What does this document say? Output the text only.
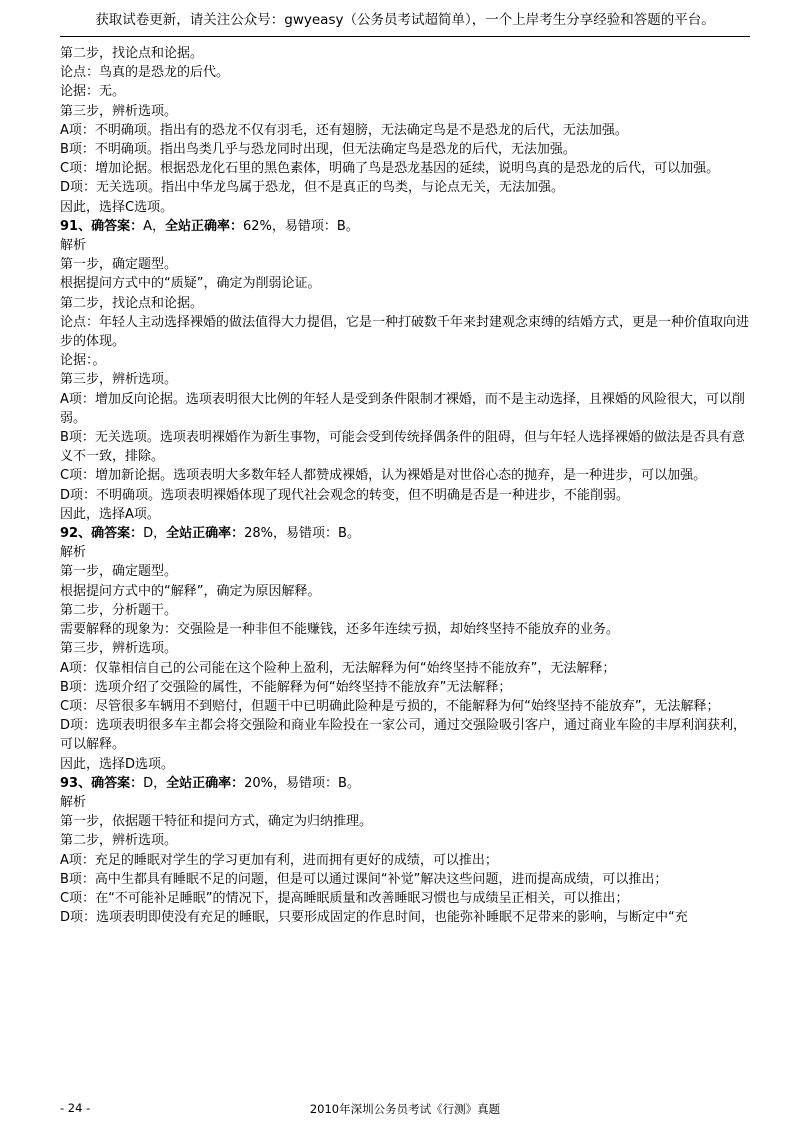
获取试卷更新，请关注公众号：gwyeasy（公务员考试超简单），一个上岸考生分享经验和答题的平台。
第二步，找论点和论据。
论点：鸟真的是恐龙的后代。
论据：无。
第三步，辨析选项。
A项：不明确项。指出有的恐龙不仅有羽毛，还有翅膀，无法确定鸟是不是恐龙的后代，无法加强。
B项：不明确项。指出鸟类几乎与恐龙同时出现，但无法确定鸟是恐龙的后代，无法加强。
C项：增加论据。根据恐龙化石里的黑色素体，明确了鸟是恐龙基因的延续，说明鸟真的是恐龙的后代，可以加强。
D项：无关选项。指出中华龙鸟属于恐龙，但不是真正的鸟类，与论点无关，无法加强。
因此，选择C选项。
91、确答案：A，全站正确率：62%，易错项：B。
解析
第一步，确定题型。
根据提问方式中的“质疑”，确定为削弱论证。
第二步，找论点和论据。
论点：年轻人主动选择裸婚的做法值得大力提倡，它是一种打破数千年来封建观念束缚的结婚方式，更是一种价值取向进步的体现。
论据：。
第三步，辨析选项。
A项：增加反向论据。选项表明很大比例的年轻人是受到条件限制才裸婚，而不是主动选择，且裸婚的风险很大，可以削弱。
B项：无关选项。选项表明裸婚作为新生事物，可能会受到传统择偶条件的阻碍，但与年轻人选择裸婚的做法是否具有意义不一致，排除。
C项：增加新论据。选项表明大多数年轻人都赞成裸婚，认为裸婚是对世俗心态的抛弃，是一种进步，可以加强。
D项：不明确项。选项表明裸婚体现了现代社会观念的转变，但不明确是否是一种进步，不能削弱。
因此，选择A项。
92、确答案：D，全站正确率：28%，易错项：B。
解析
第一步，确定题型。
根据提问方式中的“解释”，确定为原因解释。
第二步，分析题干。
需要解释的现象为：交强险是一种非但不能赚钱，还多年连续亏损，却始终坚持不能放弃的业务。
第三步，辨析选项。
A项：仅靠相信自己的公司能在这个险种上盈利，无法解释为何“始终坚持不能放弃”，无法解释；
B项：选项介绍了交强险的属性，不能解释为何“始终坚持不能放弃”无法解释；
C项：尽管很多车辆用不到赔付，但题干中已明确此险种是亏损的，不能解释为何“始终坚持不能放弃”，无法解释；
D项：选项表明很多车主都会将交强险和商业车险投在一家公司，通过交强险吸引客户，通过商业车险的丰厚利润获利，可以解释。
因此，选择D选项。
93、确答案：D，全站正确率：20%，易错项：B。
解析
第一步，依据题干特征和提问方式，确定为归纳推理。
第二步，辨析选项。
A项：充足的睡眠对学生的学习更加有利，进而拥有更好的成绩，可以推出；
B项：高中生都具有睡眠不足的问题，但是可以通过课间“补觉”解决这些问题，进而提高成绩，可以推出；
C项：在“不可能补足睡眠”的情况下，提高睡眠质量和改善睡眠习惯也与成绩呈正相关，可以推出；
D项：选项表明即使没有充足的睡眠，只要形成固定的作息时间，也能弥补睡眠不足带来的影响，与断定中“充
- 24 -	2010年深圳公务员考试《行测》真题
